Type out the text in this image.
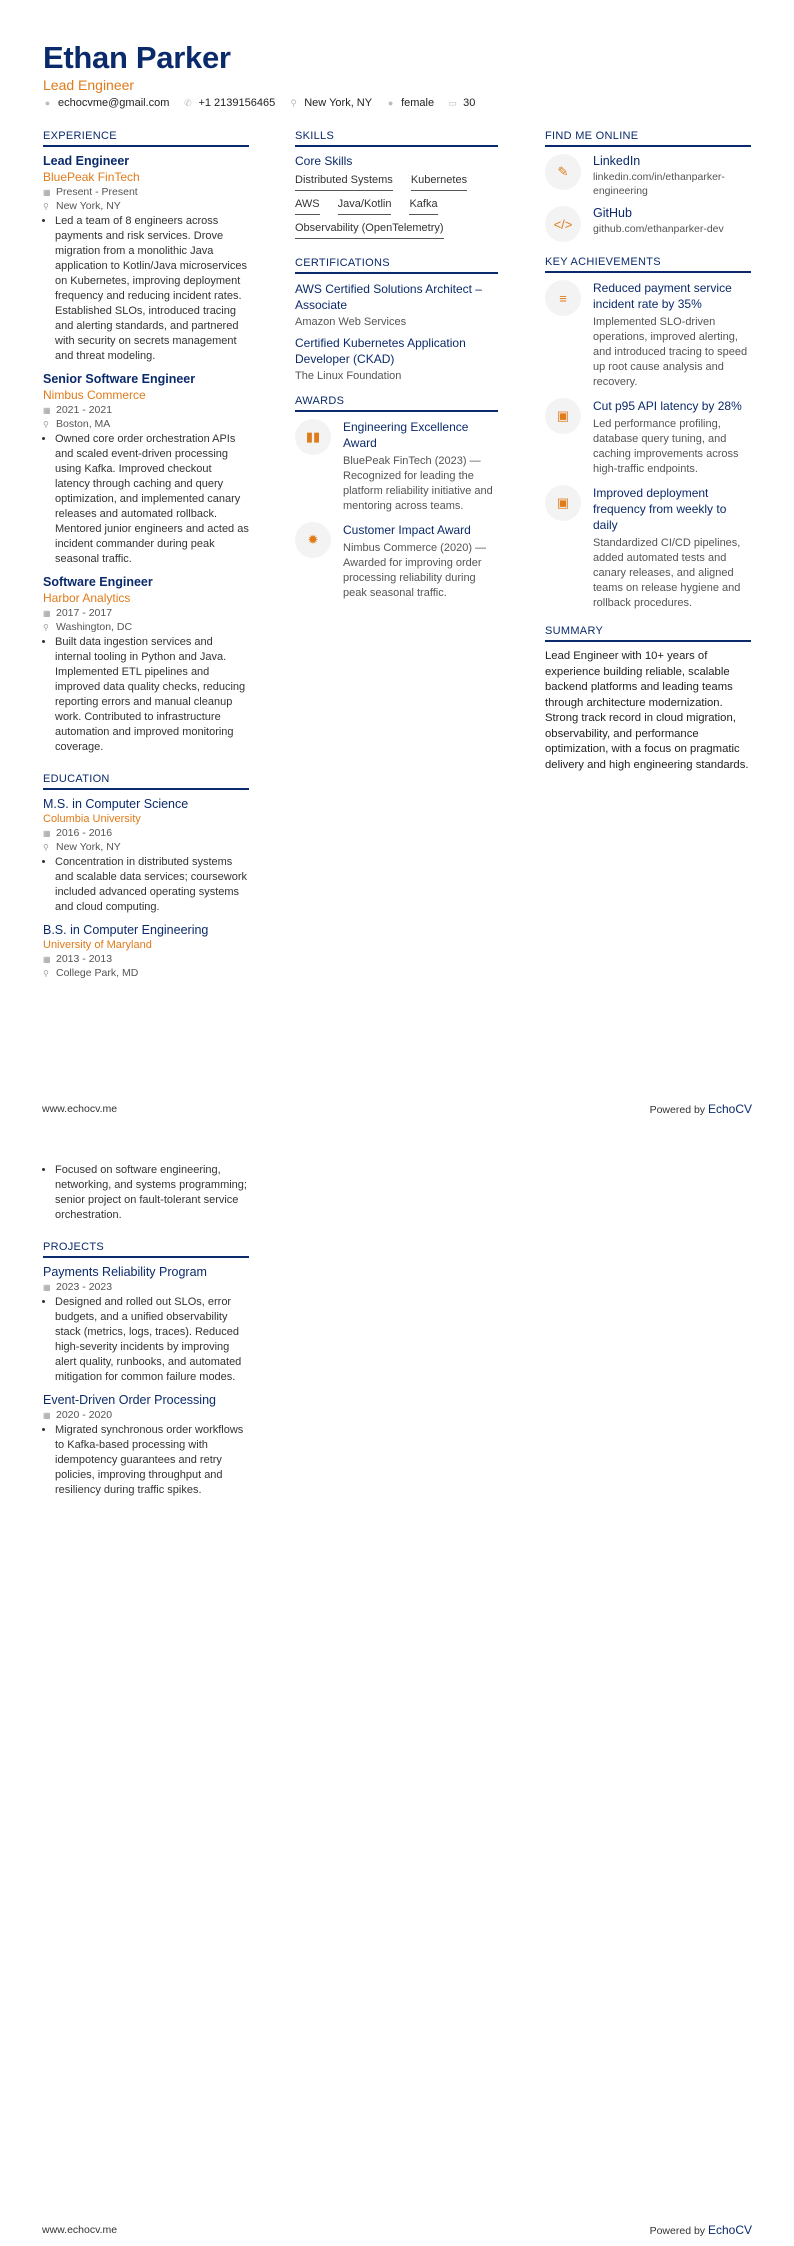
Ethan Parker
Lead Engineer
● echocvme@gmail.com ✆ +1 2139156465 ⚲ New York, NY ● female ▭ 30
EXPERIENCE
Lead Engineer
BluePeak FinTech
▦ Present - Present
⚲ New York, NY
• Led a team of 8 engineers across payments and risk services. Drove migration from a monolithic Java application to Kotlin/Java microservices on Kubernetes, improving deployment frequency and reducing incident rates. Established SLOs, introduced tracing and alerting standards, and partnered with security on secrets management and threat modeling.
Senior Software Engineer
Nimbus Commerce
▦ 2021 - 2021
⚲ Boston, MA
• Owned core order orchestration APIs and scaled event-driven processing using Kafka. Improved checkout latency through caching and query optimization, and implemented canary releases and automated rollback. Mentored junior engineers and acted as incident commander during peak seasonal traffic.
Software Engineer
Harbor Analytics
▦ 2017 - 2017
⚲ Washington, DC
• Built data ingestion services and internal tooling in Python and Java. Implemented ETL pipelines and improved data quality checks, reducing reporting errors and manual cleanup work. Contributed to infrastructure automation and improved monitoring coverage.
EDUCATION
M.S. in Computer Science
Columbia University
▦ 2016 - 2016
⚲ New York, NY
• Concentration in distributed systems and scalable data services; coursework included advanced operating systems and cloud computing.
B.S. in Computer Engineering
University of Maryland
▦ 2013 - 2013
⚲ College Park, MD
SKILLS
Core Skills
Distributed Systems Kubernetes
AWS Java/Kotlin Kafka
Observability (OpenTelemetry)
CERTIFICATIONS
AWS Certified Solutions Architect – Associate
Amazon Web Services
Certified Kubernetes Application Developer (CKAD)
The Linux Foundation
AWARDS
▮▮
Engineering Excellence Award
BluePeak FinTech (2023) — Recognized for leading the platform reliability initiative and mentoring across teams.
✹
Customer Impact Award
Nimbus Commerce (2020) — Awarded for improving order processing reliability during peak seasonal traffic.
FIND ME ONLINE
✎
LinkedIn
linkedin.com/in/ethanparker-engineering
</>
GitHub
github.com/ethanparker-dev
KEY ACHIEVEMENTS
≡
Reduced payment service incident rate by 35%
Implemented SLO-driven operations, improved alerting, and introduced tracing to speed up root cause analysis and recovery.
▣
Cut p95 API latency by 28%
Led performance profiling, database query tuning, and caching improvements across high-traffic endpoints.
▣
Improved deployment frequency from weekly to daily
Standardized CI/CD pipelines, added automated tests and canary releases, and aligned teams on release hygiene and rollback procedures.
SUMMARY
Lead Engineer with 10+ years of experience building reliable, scalable backend platforms and leading teams through architecture modernization. Strong track record in cloud migration, observability, and performance optimization, with a focus on pragmatic delivery and high engineering standards.
www.echocv.me	Powered by EchoCV
• Focused on software engineering, networking, and systems programming; senior project on fault-tolerant service orchestration.
PROJECTS
Payments Reliability Program
▦ 2023 - 2023
• Designed and rolled out SLOs, error budgets, and a unified observability stack (metrics, logs, traces). Reduced high-severity incidents by improving alert quality, runbooks, and automated mitigation for common failure modes.
Event-Driven Order Processing
▦ 2020 - 2020
• Migrated synchronous order workflows to Kafka-based processing with idempotency guarantees and retry policies, improving throughput and resiliency during traffic spikes.
www.echocv.me	Powered by EchoCV
